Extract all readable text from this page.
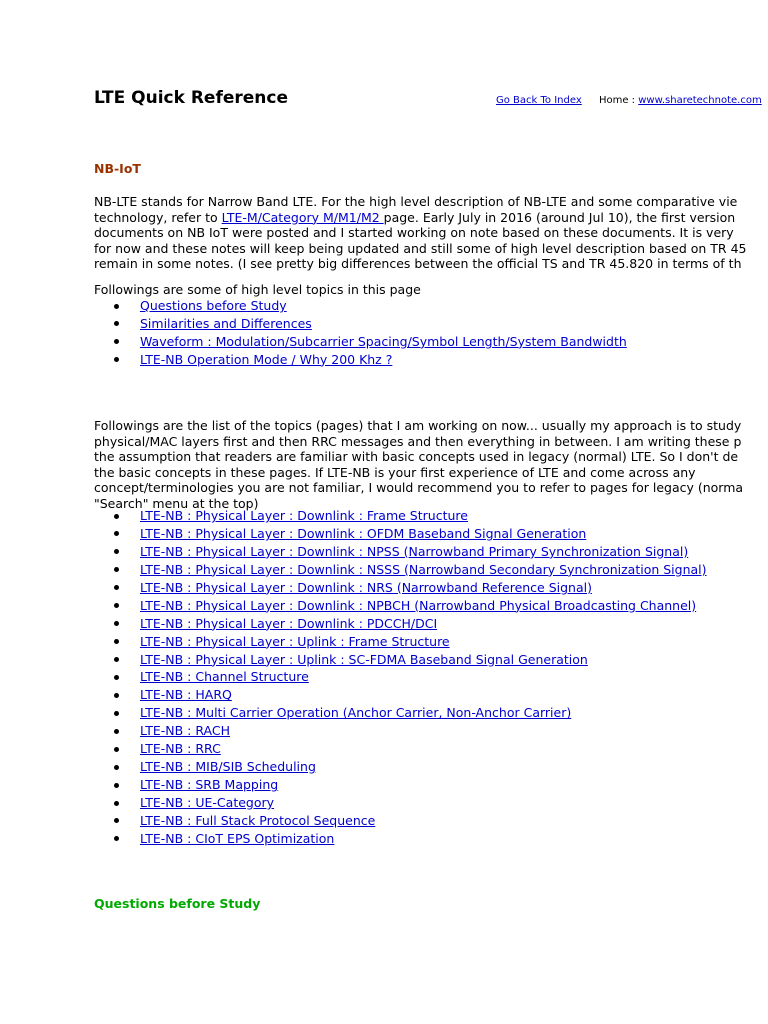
LTE Quick Reference	Go Back To Index Home : www.sharetechnote.com
NB-IoT
NB-LTE stands for Narrow Band LTE. For the high level description of NB-LTE and some comparative vie
technology, refer to LTE-M/Category M/M1/M2 page. Early July in 2016 (around Jul 10), the first version
documents on NB IoT were posted and I started working on note based on these documents. It is very
for now and these notes will keep being updated and still some of high level description based on TR 45
remain in some notes. (I see pretty big differences between the official TS and TR 45.820 in terms of th
Followings are some of high level topics in this page
Questions before Study
Similarities and Differences
Waveform : Modulation/Subcarrier Spacing/Symbol Length/System Bandwidth
LTE-NB Operation Mode / Why 200 Khz ?
Followings are the list of the topics (pages) that I am working on now... usually my approach is to study
physical/MAC layers first and then RRC messages and then everything in between. I am writing these p
the assumption that readers are familiar with basic concepts used in legacy (normal) LTE. So I don't de
the basic concepts in these pages. If LTE-NB is your first experience of LTE and come across any
concept/terminologies you are not familiar, I would recommend you to refer to pages for legacy (norma
"Search" menu at the top)
LTE-NB : Physical Layer : Downlink : Frame Structure
LTE-NB : Physical Layer : Downlink : OFDM Baseband Signal Generation
LTE-NB : Physical Layer : Downlink : NPSS (Narrowband Primary Synchronization Signal)
LTE-NB : Physical Layer : Downlink : NSSS (Narrowband Secondary Synchronization Signal)
LTE-NB : Physical Layer : Downlink : NRS (Narrowband Reference Signal)
LTE-NB : Physical Layer : Downlink : NPBCH (Narrowband Physical Broadcasting Channel)
LTE-NB : Physical Layer : Downlink : PDCCH/DCI
LTE-NB : Physical Layer : Uplink : Frame Structure
LTE-NB : Physical Layer : Uplink : SC-FDMA Baseband Signal Generation
LTE-NB : Channel Structure
LTE-NB : HARQ
LTE-NB : Multi Carrier Operation (Anchor Carrier, Non-Anchor Carrier)
LTE-NB : RACH
LTE-NB : RRC
LTE-NB : MIB/SIB Scheduling
LTE-NB : SRB Mapping
LTE-NB : UE-Category
LTE-NB : Full Stack Protocol Sequence
LTE-NB : CIoT EPS Optimization
Questions before Study
